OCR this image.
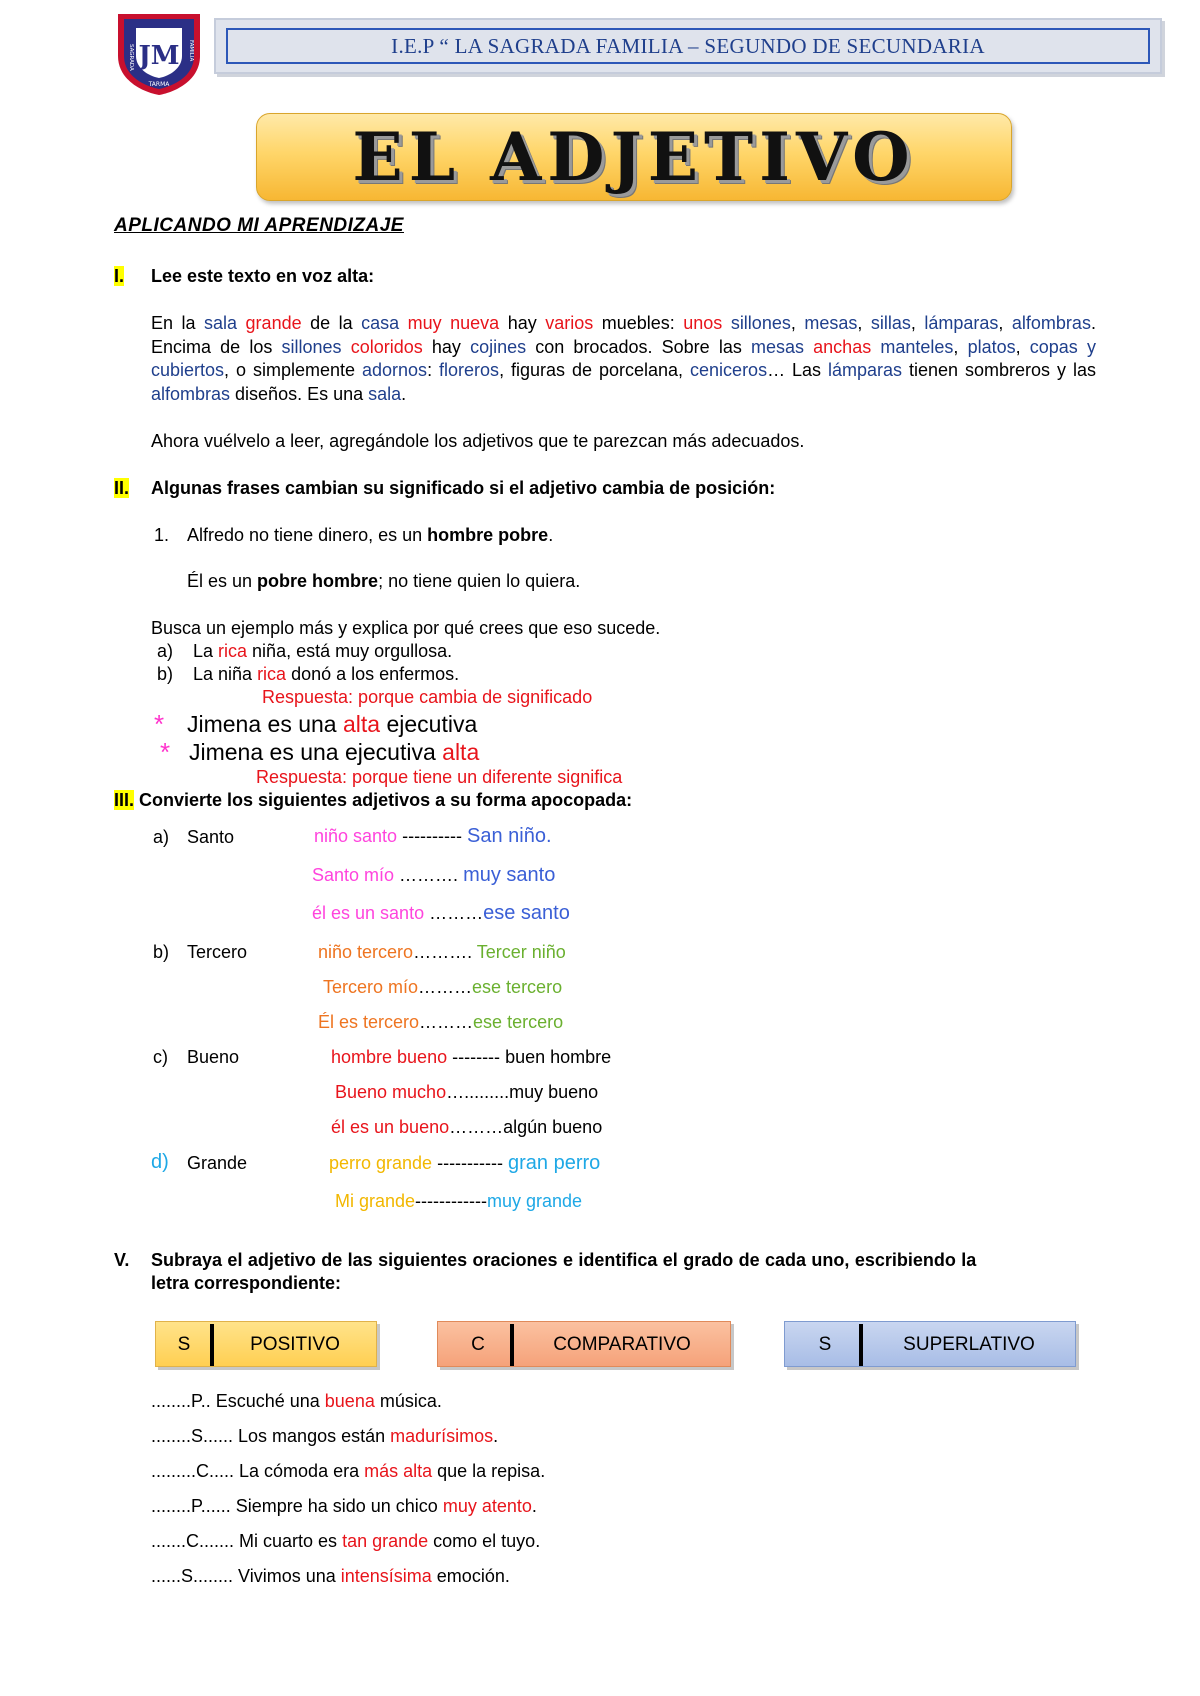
JM
SAGRADA	FAMILIA
TARMA
I.E.P “ LA SAGRADA FAMILIA – SEGUNDO DE SECUNDARIA
EL ADJETIVO
APLICANDO MI APRENDIZAJE
I. Lee este texto en voz alta:
En la sala grande de la casa muy nueva hay varios muebles: unos sillones, mesas, sillas, lámparas, alfombras. Encima de los sillones coloridos hay cojines con brocados. Sobre las mesas anchas manteles, platos, copas y cubiertos, o simplemente adornos: floreros, figuras de porcelana, ceniceros… Las lámparas tienen sombreros y las alfombras diseños. Es una sala.
Ahora vuélvelo a leer, agregándole los adjetivos que te parezcan más adecuados.
II. Algunas frases cambian su significado si el adjetivo cambia de posición:
1. Alfredo no tiene dinero, es un hombre pobre.
Él es un pobre hombre; no tiene quien lo quiera.
Busca un ejemplo más y explica por qué crees que eso sucede.
a) La rica niña, está muy orgullosa.
b) La niña rica donó a los enfermos.
Respuesta: porque cambia de significado
* Jimena es una alta ejecutiva
* Jimena es una ejecutiva alta
Respuesta: porque tiene un diferente significa
III. Convierte los siguientes adjetivos a su forma apocopada:
a) Santo	niño santo ---------- San niño.
Santo mío ………. muy santo
él es un santo ………ese santo
b) Tercero	niño tercero………. Tercer niño
Tercero mío………ese tercero
Él es tercero………ese tercero
c) Bueno	hombre bueno -------- buen hombre
Bueno mucho….........muy bueno
él es un bueno………algún bueno
d) Grande	perro grande ----------- gran perro
Mi grande------------muy grande
V. Subraya el adjetivo de las siguientes oraciones e identifica el grado de cada uno, escribiendo la
letra correspondiente:
S	POSITIVO	C	COMPARATIVO	S	SUPERLATIVO
........P.. Escuché una buena música.
........S...... Los mangos están madurísimos.
.........C..... La cómoda era más alta que la repisa.
........P...... Siempre ha sido un chico muy atento.
.......C....... Mi cuarto es tan grande como el tuyo.
......S........ Vivimos una intensísima emoción.
